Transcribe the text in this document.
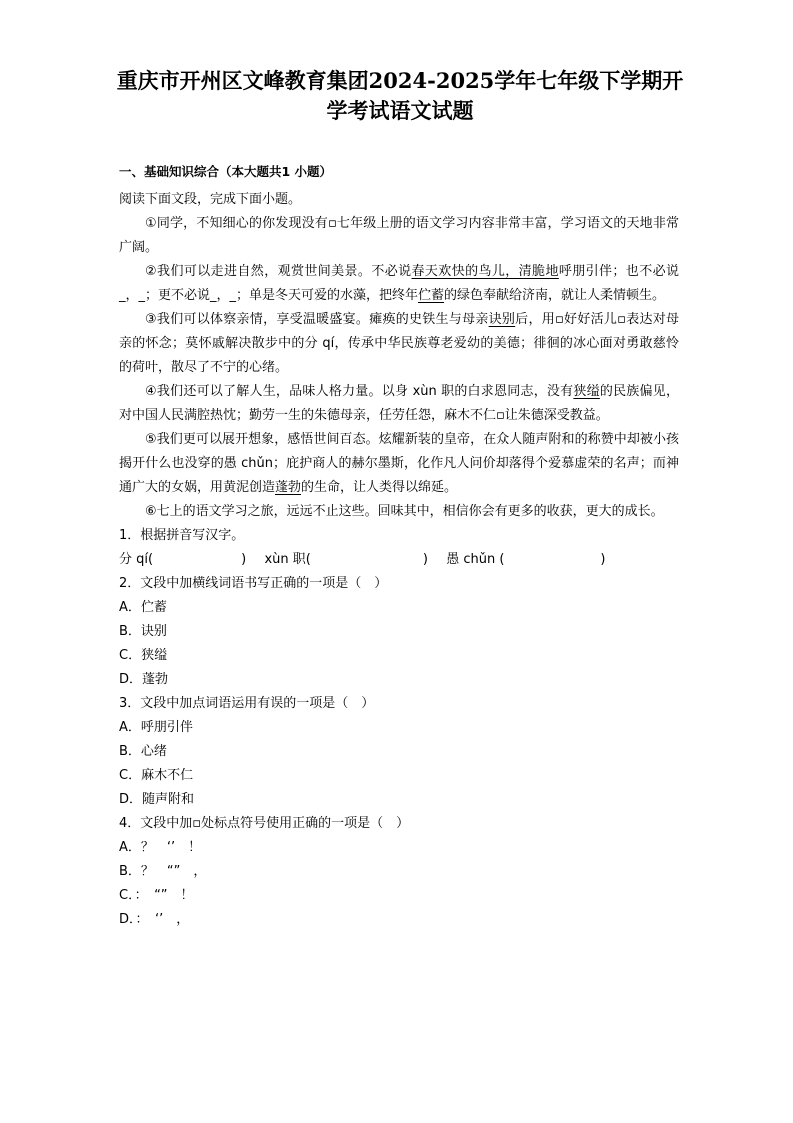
重庆市开州区文峰教育集团2024-2025学年七年级下学期开
学考试语文试题
一、基础知识综合（本大题共1 小题）
阅读下面文段，完成下面小题。
①同学，不知细心的你发现没有▫七年级上册的语文学习内容非常丰富，学习语文的天地非常广阔。
②我们可以走进自然，观赏世间美景。不必说春天欢快的鸟儿，清脆地呼朋引伴；也不必说_，_；更不必说_，_；单是冬天可爱的水藻，把终年伫蓄的绿色奉献给济南，就让人柔情顿生。
③我们可以体察亲情，享受温暖盛宴。瘫痪的史铁生与母亲诀别后，用▫好好活儿▫表达对母亲的怀念；莫怀戚解决散步中的分 qí，传承中华民族尊老爱幼的美德；徘徊的冰心面对勇敢慈怜的荷叶，散尽了不宁的心绪。
④我们还可以了解人生，品味人格力量。以身 xùn 职的白求恩同志，没有狭缢的民族偏见，对中国人民满腔热忱；勤劳一生的朱德母亲，任劳任怨，麻木不仁▫让朱德深受教益。
⑤我们更可以展开想象，感悟世间百态。炫耀新装的皇帝，在众人随声附和的称赞中却被小孩揭开什么也没穿的愚 chǔn；庇护商人的赫尔墨斯，化作凡人问价却落得个爱慕虚荣的名声；而神通广大的女娲，用黄泥创造蓬勃的生命，让人类得以绵延。
⑥七上的语文学习之旅，远远不止这些。回味其中，相信你会有更多的收获，更大的成长。
1．根据拼音写汉字。
分 qí(	) xùn 职(	) 愚 chǔn (	)
2．文段中加横线词语书写正确的一项是（　）
A．伫蓄
B．诀别
C．狭缢
D．蓬勃
3．文段中加点词语运用有误的一项是（　）
A．呼朋引伴
B．心绪
C．麻木不仁
D．随声附和
4．文段中加▫处标点符号使用正确的一项是（　）
A．？　‘’　！
B．？　“”　，
C．：　“”　！
D．：　‘’　，
